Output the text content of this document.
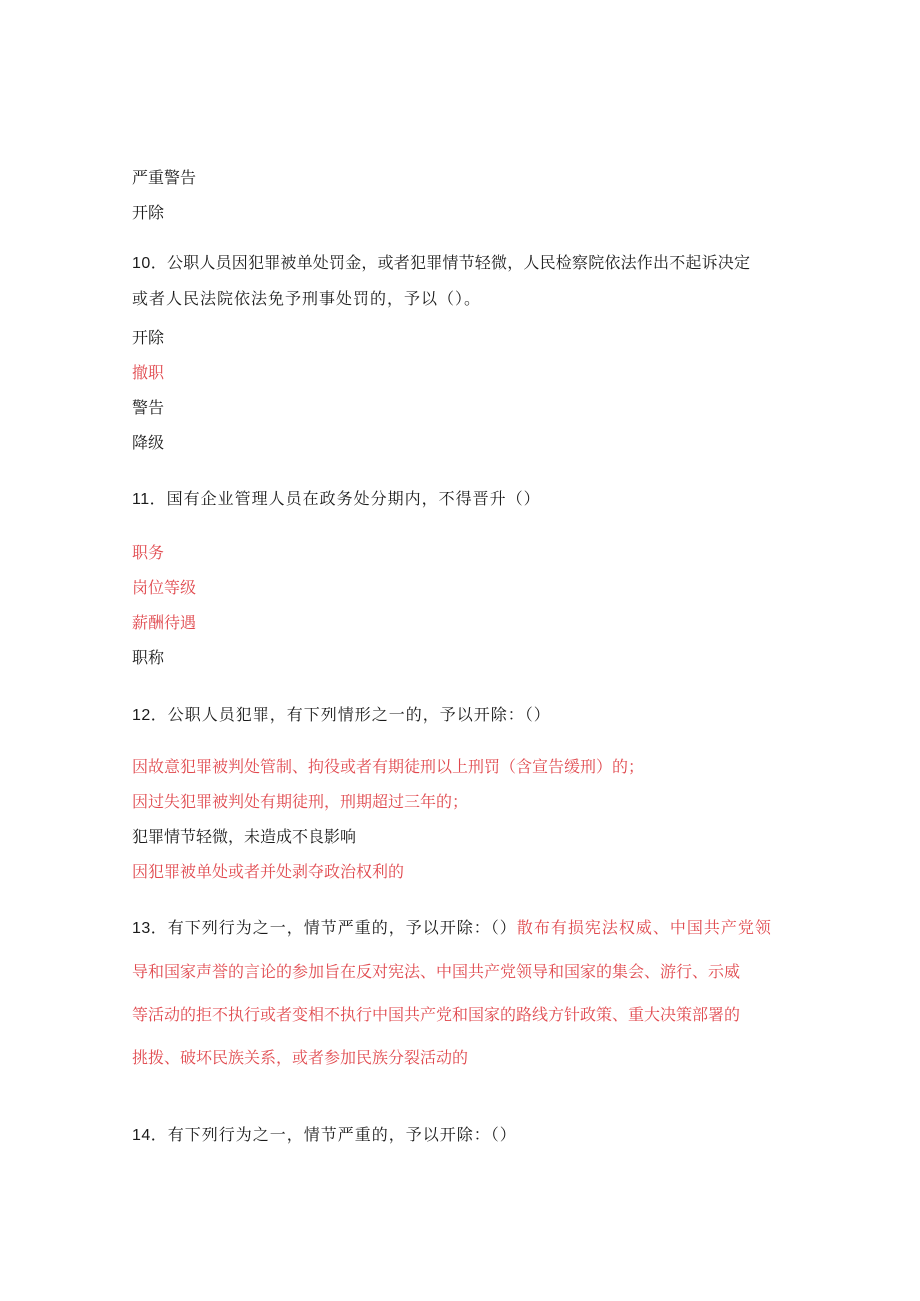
严重警告
开除
10．公职人员因犯罪被单处罚金，或者犯罪情节轻微，人民检察院依法作出不起诉决定
或者人民法院依法免予刑事处罚的，予以（）。
开除
撤职
警告
降级
11．国有企业管理人员在政务处分期内，不得晋升（）
职务
岗位等级
薪酬待遇
职称
12．公职人员犯罪，有下列情形之一的，予以开除：（）
因故意犯罪被判处管制、拘役或者有期徒刑以上刑罚（含宣告缓刑）的；
因过失犯罪被判处有期徒刑，刑期超过三年的；
犯罪情节轻微，未造成不良影响
因犯罪被单处或者并处剥夺政治权利的
13．有下列行为之一，情节严重的，予以开除：（）散布有损宪法权威、中国共产党领
导和国家声誉的言论的参加旨在反对宪法、中国共产党领导和国家的集会、游行、示威
等活动的拒不执行或者变相不执行中国共产党和国家的路线方针政策、重大决策部署的
挑拨、破坏民族关系，或者参加民族分裂活动的
14．有下列行为之一，情节严重的，予以开除：（）
